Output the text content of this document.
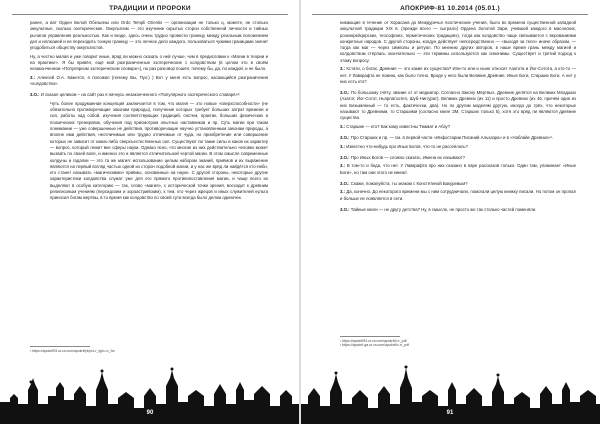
ТРАДИЦИИ И ПРОРОКИ

ранее, а ват Орден Белой Обезьяны или Ordo Templi Orientis — организации не только ц, можете, не столько оккультные, сколько эзотерические. Оккультизм — это изучение скрытых сторон собственной личности и тайных рычагов управления реальностью. Как и везде, здесь очень трудно провести границу между реальным положением дел и иллюзией и не переходить тонкую границу — это личное дело каждого, пользоваться чужими границами значит уподобиться обществу оккультистов.

Ну, а честно малая и уже говорит иные, вряд ли можно сказать о ней лучше, чем в предисловии к «Магии в теории и на практике». Я бы привёл, ещё мой разграниченные эзотерические с колдовством (в целом это в своём незаконченном «Популярном эзотерическом словаре»), но раз разговор пошёл, почему бы, да, по каждой, и не было.

3.: Алексей О.А. Кажется, я положил (почему Вы, Пух:) ) Вот у меня есть вопрос, касающийся разграничения «колдовство».

3.О.: И сказал целиком – на сайт раз я начнусь незаконченного «Популярного эзотерического словаря»¹:

Чуть более продуманная концепция заключается в том, что магия — это новые «сверхспособности» (не обязательно противоречащие законам природы), получение которых требует больших затрат времени и сил, работы над собой, изучения соответствующих традиций, систем, практик, больших физических и психических тренировок, обучения под присмотром опытных наставников и пр. Суть магии при таком понимании — уже совершенные не действия, противоречащие научно установленным законам природы, а вполне ими действия, неотличимые или трудно отличимые от чуда, но приобретение или совершение которых не зависит от каких-либо сверхъестественных сил. Существуют ли такие силы и каков их характер — вопрос, который лежит вне сферы науки. Однако ясно, что многие из них действительно человек может вызвать по своей воле, и именно это и является отличительной чертой магии. В этом смысле современные колдуны и гадалки — это та же магия: использование целым набором знаний, приёмов и их выражение являются на первый взгляд частью одной из сторон подобной магии, и у нас же вряд ли найдётся кто-либо, кто станет называть «магическими» приёмы, основанные на науке. С другой стороны, некоторые другие характеристики колдовства служат уже для его прямого противопоставления магии, и чаще всего их выделяют в особую категорию — так, слово «магия», с исторической точки зрения, восходит к древним религиозным учениям (персидским и зороастрийским), к тем, кто через жрецов и иных служителей культа приносил богам жертвы, в то время как колдовство по своей сути всегда было делом одиночек.

¹ https://apokrif93.ur-ra.com/apokrif/php/o-r_tg/o-ro_9a
90
АПОКРИФ-81 10.2014 (05.01.)

никающие в течение от Хорасана до Междуречья гностические учения, было во времена существенной западной оккультной традиции XIX в. (прежде всего — сыграло) Ордена Золотой Зари, учившей каждого в масонских, розенкрейцерских, теософских, герметических традициях), тогда как колдовство чаще связывается с верованиями конкретных народов. С другой стороны, колдун действует непосредственно — «выходя за тело» иначе образом, — тогда как маг — через символы и ритуал. По мнению других авторов, в наше время грань между магией и колдовством стёрлась окончательно — эти термины используются как синонимы. Существует и третий подход к этому вопросу.

3.: Кстати, о богах. Древние — это какие их существа? Или-то или и ныне относит Азатота и Йог-Сотота, а кто-то — нет. У Лавкрафта не помню, как было точно. Вроде у него были Великие Древние, Иные Боги, Старшие Боги. А нет у них есть кто?

3.О.: По большому счёту, звание от от медиатор. Согласно Закону Мёртвых, Древние делятся на Великих Младших (Азатот, Йог-Сотот, Ньярлатхотеп, Шуб-Ниггурат), Великих Древних (их 11) и просто Древних (их 46, причём один из них Безымянный — то есть, фактически, два). Но по другим моделям другую, иногда до трёх, что некоторые называют то Древними, то Старшими (согласно книге ЗМ, Старших только 5), хотя это вряд ли являются древние существа.

3.: Старшие — кто? Как кому известны Тиамат и Абзу?

3.О.: Про Старших и пр. — см. в первой части «Инфостарии Писаний Альхазра» и в «Наблайе Древних»².

3.: Известно что-нибудь про Иных Богов, что-то не рассеялось?

3.О.: Про Иных Богов — сложно сказать. Имена их называют?

3.: В том-то и беда, что нет. У Лавкрафта про них сказано в паре рассказов только. Один там, упоминает «Иные Боги», но там они этого не имеют.

3.О.: Скажи, пожалуйста, ты знаком с Констетиной Бакуревым?

3.: Да, конечно. До некоторого времени мы с ним сотрудничали, помогали целую книжку писали. Но потом он пропал и больше не появляется в сети.

3.О.: Тайные книги — не другу детства? Ну, в смысле, не просто же так столько частей поменяли.

¹ https://apokrif93.ur-ra.com/apokrif/o-r_pdf
² https://apokrif-ga.ur-ra.com/apokrif/o-rr_pdf
91
